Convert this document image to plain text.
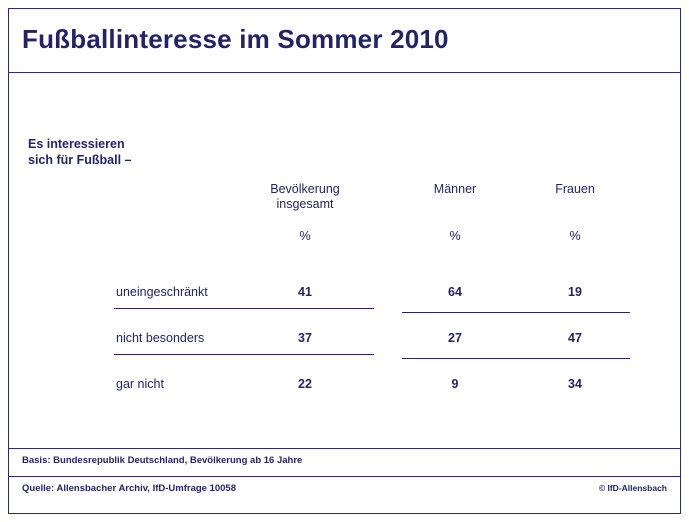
Fußballinteresse im Sommer 2010
Es interessieren
sich für Fußball –
Bevölkerung
insgesamt
%
Männer

%
Frauen

%
uneingeschränkt	41	64	19
nicht besonders	37	27	47
gar nicht	22	9	34
Basis: Bundesrepublik Deutschland, Bevölkerung ab 16 Jahre
Quelle: Allensbacher Archiv, IfD-Umfrage 10058	© IfD-Allensbach
